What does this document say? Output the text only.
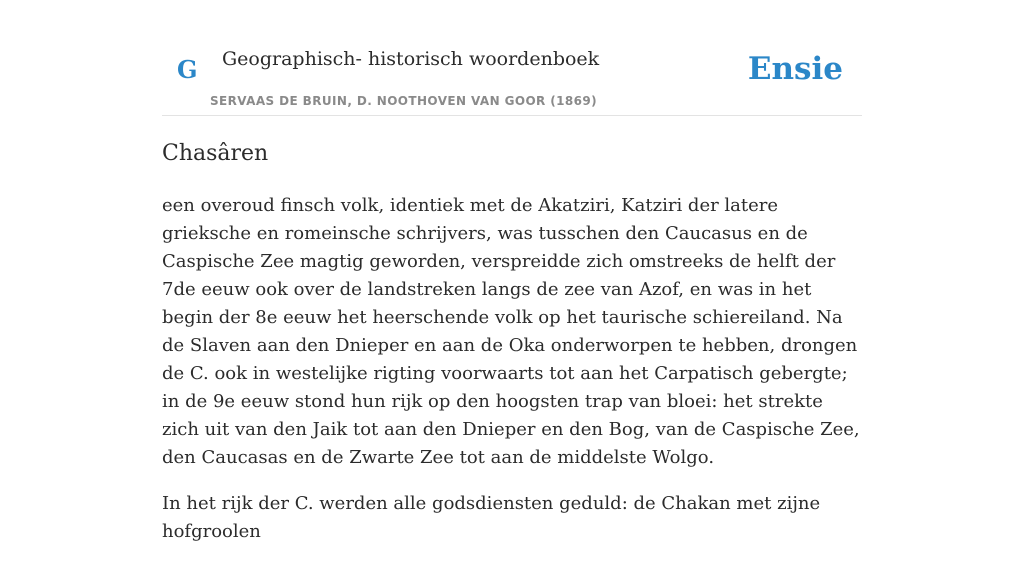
G Geographisch- historisch woordenboek
SERVAAS DE BRUIN, D. NOOTHOVEN VAN GOOR (1869)
Ensie
Chasâren

een overoud finsch volk, identiek met de Akatziri, Katziri der latere grieksche en romeinsche schrijvers, was tusschen den Caucasus en de Caspische Zee magtig geworden, verspreidde zich omstreeks de helft der 7de eeuw ook over de landstreken langs de zee van Azof, en was in het begin der 8e eeuw het heerschende volk op het taurische schiereiland. Na de Slaven aan den Dnieper en aan de Oka onderworpen te hebben, drongen de C. ook in westelijke rigting voorwaarts tot aan het Carpatisch gebergte; in de 9e eeuw stond hun rijk op den hoogsten trap van bloei: het strekte zich uit van den Jaik tot aan den Dnieper en den Bog, van de Caspische Zee, den Caucasas en de Zwarte Zee tot aan de middelste Wolgo.

In het rijk der C. werden alle godsdiensten geduld: de Chakan met zijne hofgroolen
